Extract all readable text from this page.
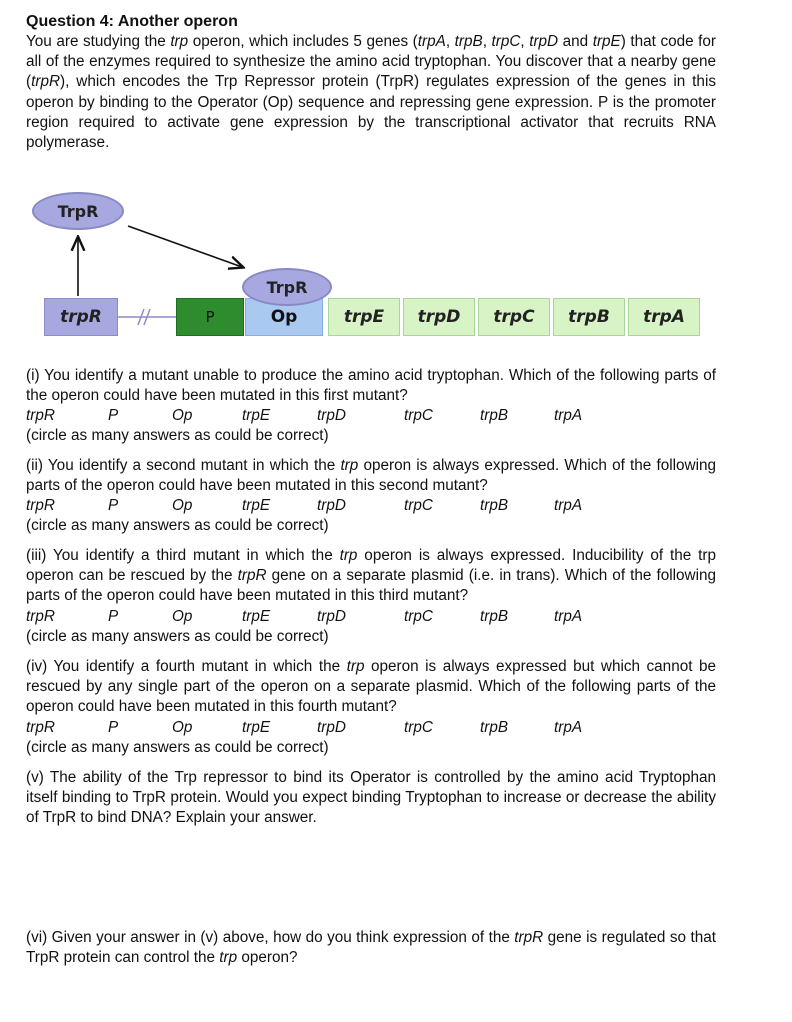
Question 4: Another operon
You are studying the trp operon, which includes 5 genes (trpA, trpB, trpC, trpD and trpE) that code for all of the enzymes required to synthesize the amino acid tryptophan. You discover that a nearby gene (trpR), which encodes the Trp Repressor protein (TrpR) regulates expression of the genes in this operon by binding to the Operator (Op) sequence and repressing gene expression. P is the promoter region required to activate gene expression by the transcriptional activator that recruits RNA polymerase.
TrpR
trpR	P	Op
TrpR
trpE	trpD	trpC	trpB	trpA
(i) You identify a mutant unable to produce the amino acid tryptophan. Which of the following parts of the operon could have been mutated in this first mutant?
trpR	P	Op	trpE	trpD	trpC	trpB	trpA
(circle as many answers as could be correct)
(ii) You identify a second mutant in which the trp operon is always expressed. Which of the following parts of the operon could have been mutated in this second mutant?
trpR	P	Op	trpE	trpD	trpC	trpB	trpA
(circle as many answers as could be correct)
(iii) You identify a third mutant in which the trp operon is always expressed. Inducibility of the trp operon can be rescued by the trpR gene on a separate plasmid (i.e. in trans). Which of the following parts of the operon could have been mutated in this third mutant?
trpR	P	Op	trpE	trpD	trpC	trpB	trpA
(circle as many answers as could be correct)
(iv) You identify a fourth mutant in which the trp operon is always expressed but which cannot be rescued by any single part of the operon on a separate plasmid. Which of the following parts of the operon could have been mutated in this fourth mutant?
trpR	P	Op	trpE	trpD	trpC	trpB	trpA
(circle as many answers as could be correct)
(v) The ability of the Trp repressor to bind its Operator is controlled by the amino acid Tryptophan itself binding to TrpR protein. Would you expect binding Tryptophan to increase or decrease the ability of TrpR to bind DNA? Explain your answer.
(vi) Given your answer in (v) above, how do you think expression of the trpR gene is regulated so that TrpR protein can control the trp operon?
